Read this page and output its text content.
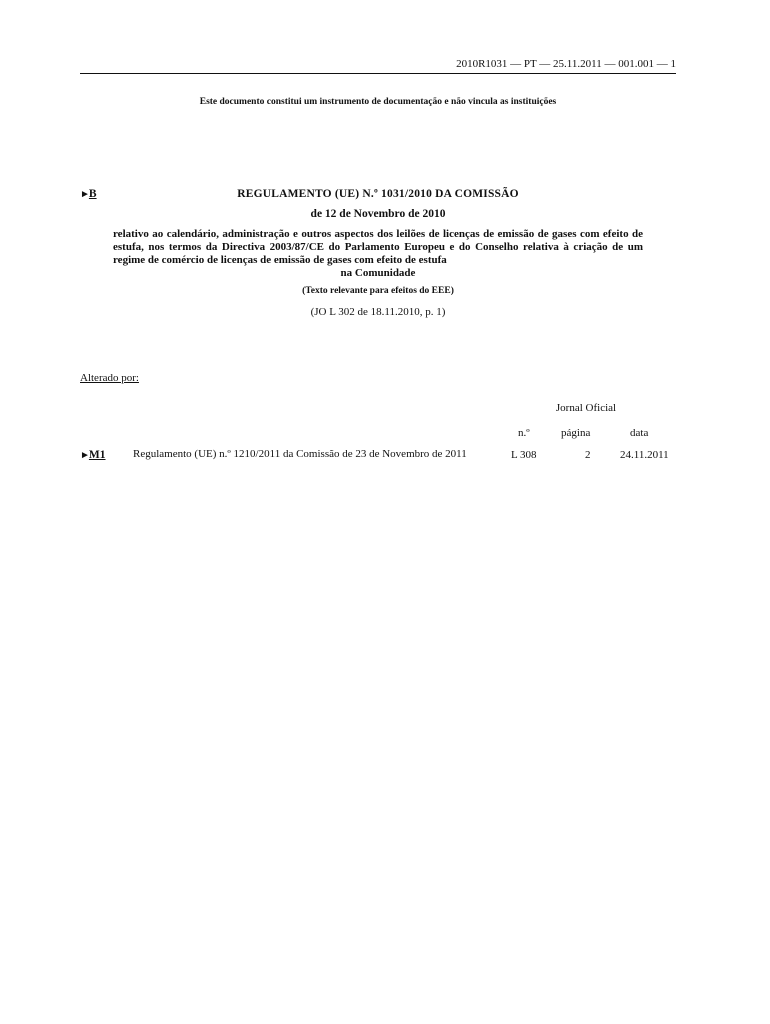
2010R1031 — PT — 25.11.2011 — 001.001 — 1
Este documento constitui um instrumento de documentação e não vincula as instituições
►B	REGULAMENTO (UE) N.º 1031/2010 DA COMISSÃO
de 12 de Novembro de 2010
relativo ao calendário, administração e outros aspectos dos leilões de licenças de emissão de gases com efeito de estufa, nos termos da Directiva 2003/87/CE do Parlamento Europeu e do Conselho relativa à criação de um regime de comércio de licenças de emissão de gases com efeito de estufa
na Comunidade
(Texto relevante para efeitos do EEE)
(JO L 302 de 18.11.2010, p. 1)
Alterado por:
Jornal Oficial
n.º	página	data
►M1 Regulamento (UE) n.º 1210/2011 da Comissão de 23 de Novembro de 2011	L 308	2	24.11.2011
